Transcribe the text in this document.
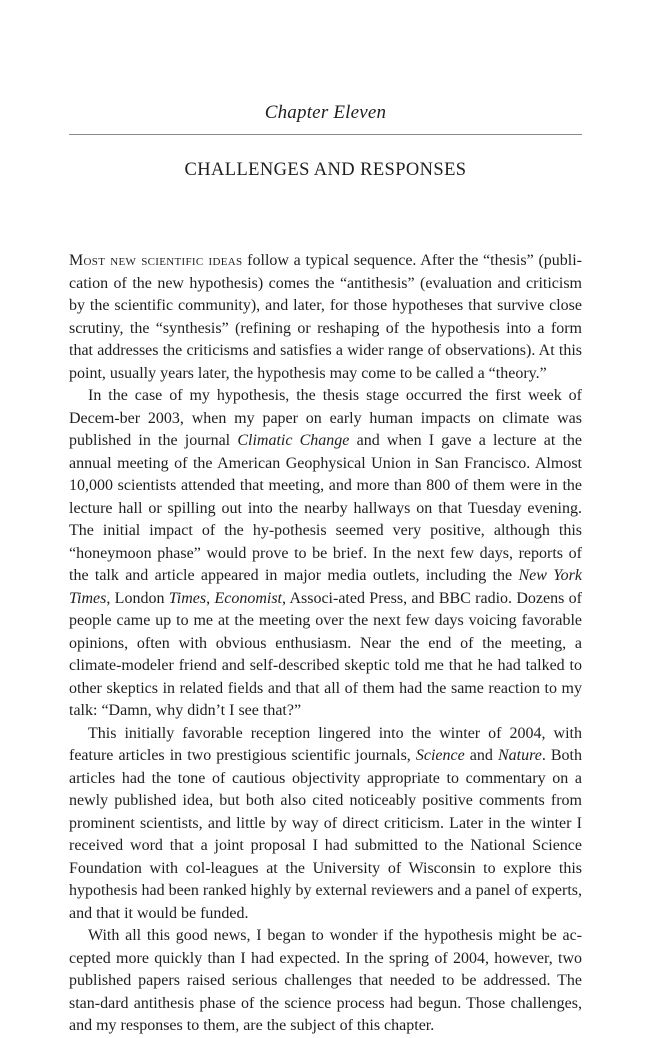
Chapter Eleven
CHALLENGES AND RESPONSES

Most new scientific ideas follow a typical sequence. After the “thesis” (publi-cation of the new hypothesis) comes the “antithesis” (evaluation and criticism by the scientific community), and later, for those hypotheses that survive close scrutiny, the “synthesis” (refining or reshaping of the hypothesis into a form that addresses the criticisms and satisfies a wider range of observations). At this point, usually years later, the hypothesis may come to be called a “theory.”

In the case of my hypothesis, the thesis stage occurred the first week of Decem-ber 2003, when my paper on early human impacts on climate was published in the journal Climatic Change and when I gave a lecture at the annual meeting of the American Geophysical Union in San Francisco. Almost 10,000 scientists attended that meeting, and more than 800 of them were in the lecture hall or spilling out into the nearby hallways on that Tuesday evening. The initial impact of the hy-pothesis seemed very positive, although this “honeymoon phase” would prove to be brief. In the next few days, reports of the talk and article appeared in major media outlets, including the New York Times, London Times, Economist, Associ-ated Press, and BBC radio. Dozens of people came up to me at the meeting over the next few days voicing favorable opinions, often with obvious enthusiasm. Near the end of the meeting, a climate-modeler friend and self-described skeptic told me that he had talked to other skeptics in related fields and that all of them had the same reaction to my talk: “Damn, why didn’t I see that?”

This initially favorable reception lingered into the winter of 2004, with feature articles in two prestigious scientific journals, Science and Nature. Both articles had the tone of cautious objectivity appropriate to commentary on a newly published idea, but both also cited noticeably positive comments from prominent scientists, and little by way of direct criticism. Later in the winter I received word that a joint proposal I had submitted to the National Science Foundation with col-leagues at the University of Wisconsin to explore this hypothesis had been ranked highly by external reviewers and a panel of experts, and that it would be funded.

With all this good news, I began to wonder if the hypothesis might be ac-cepted more quickly than I had expected. In the spring of 2004, however, two published papers raised serious challenges that needed to be addressed. The stan-dard antithesis phase of the science process had begun. Those challenges, and my responses to them, are the subject of this chapter.
